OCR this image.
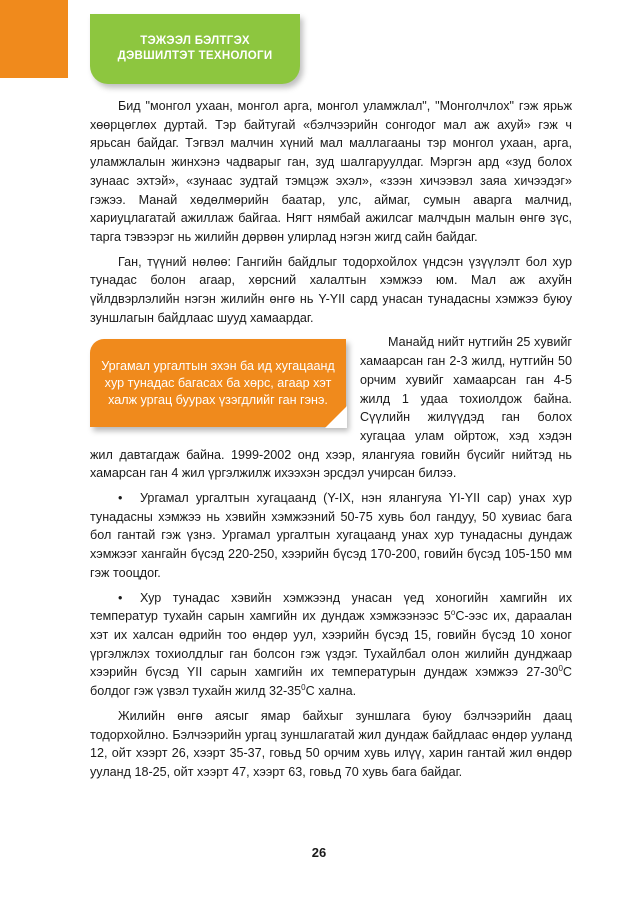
ТЭЖЭЭЛ БЭЛТГЭХ
ДЭВШИЛТЭТ ТЕХНОЛОГИ

Бид "монгол ухаан, монгол арга, монгол уламжлал", "Монголчлох" гэж ярьж хөөрцөглөх дуртай. Тэр байтугай «бэлчээрийн сонгодог мал аж ахуй» гэж ч ярьсан байдаг. Тэгвэл малчин хүний мал маллагааны тэр монгол ухаан, арга, уламжлалын жинхэнэ чадварыг ган, зуд шалгаруулдаг. Мэргэн ард «зуд болох зунаас эхтэй», «зунаас зудтай тэмцэж эхэл», «зээн хичээвэл заяа хичээдэг» гэжээ. Манай хөдөлмөрийн баатар, улс, аймаг, сумын аварга малчид, хариуцлагатай ажиллаж байгаа. Нягт нямбай ажилсаг малчдын малын өнгө зүс, тарга тэвээрэг нь жилийн дөрвөн улирлад нэгэн жигд сайн байдаг.

Ган, түүний нөлөө: Гангийн байдлыг тодорхойлох үндсэн үзүүлэлт бол хур тунадас болон агаар, хөрсний халалтын хэмжээ юм. Мал аж ахуйн үйлдвэрлэлийн нэгэн жилийн өнгө нь Y-YII сард унасан тунадасны хэмжээ буюу зуншлагын байдлаас шууд хамаардаг.

Ургамал ургалтын эхэн ба ид хугацаанд хур тунадас багасах ба хөрс, агаар хэт халж ургац буурах үзэгдлийг ган гэнэ.

Манайд нийт нутгийн 25 хувийг хамаарсан ган 2-3 жилд, нутгийн 50 орчим хувийг хамаарсан ган 4-5 жилд 1 удаа тохиолдож байна. Сүүлийн жилүүдэд ган болох хугацаа улам ойртож, хэд хэдэн жил давтагдаж байна. 1999-2002 онд хээр, ялангуяа говийн бүсийг нийтэд нь хамарсан ган 4 жил үргэлжилж ихээхэн эрсдэл учирсан билээ.

• Ургамал ургалтын хугацаанд (Y-IX, нэн ялангуяа YI-YII сар) унах хур тунадасны хэмжээ нь хэвийн хэмжээний 50-75 хувь бол гандуу, 50 хувиас бага бол гантай гэж үзнэ. Ургамал ургалтын хугацаанд унах хур тунадасны дундаж хэмжээг хангайн бүсэд 220-250, хээрийн бүсэд 170-200, говийн бүсэд 105-150 мм гэж тооцдог.

• Хур тунадас хэвийн хэмжээнд унасан үед хоногийн хамгийн их температур тухайн сарын хамгийн их дундаж хэмжээнээс $5^оС$-ээс их, дараалан хэт их халсан өдрийн тоо өндөр уул, хээрийн бүсэд 15, говийн бүсэд 10 хоног үргэлжлэх тохиолдлыг ган болсон гэж үздэг. Тухайлбал олон жилийн дунджаар хээрийн бүсэд YII сарын хамгийн их температурын дундаж хэмжээ $27-30^0С$ болдог гэж үзвэл тухайн жилд $32-35^0С$ хална.

Жилийн өнгө аясыг ямар байхыг зуншлага буюу бэлчээрийн даац тодорхойлно. Бэлчээрийн ургац зуншлагатай жил дундаж байдлаас өндөр ууланд 12, ойт хээрт 26, хээрт 35-37, говьд 50 орчим хувь илүү, харин гантай жил өндөр ууланд 18-25, ойт хээрт 47, хээрт 63, говьд 70 хувь бага байдаг.

26
